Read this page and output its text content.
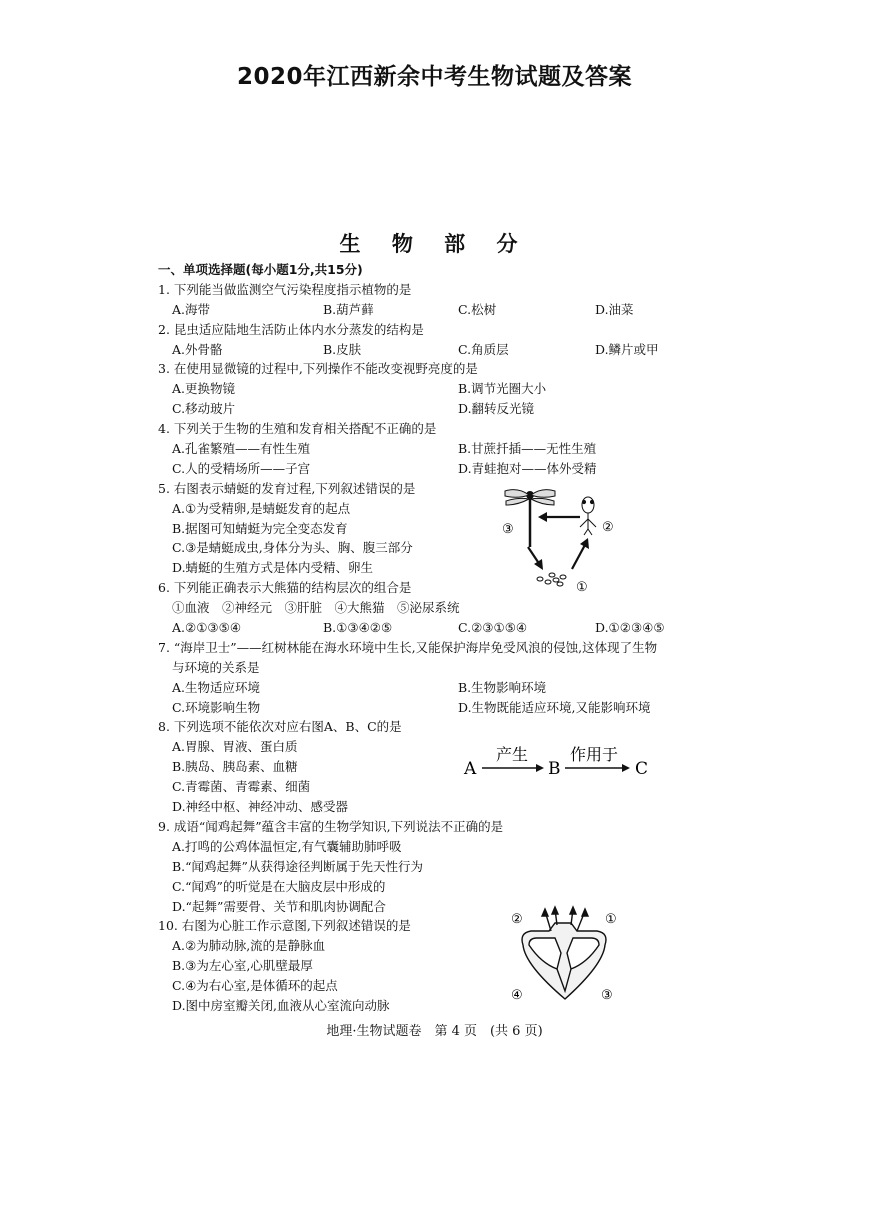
2020年江西新余中考生物试题及答案
生 物 部 分
一、单项选择题(每小题1分,共15分)
1. 下列能当做监测空气污染程度指示植物的是
A.海带	B.葫芦藓	C.松树	D.油菜
2. 昆虫适应陆地生活防止体内水分蒸发的结构是
A.外骨骼	B.皮肤	C.角质层	D.鳞片或甲
3. 在使用显微镜的过程中,下列操作不能改变视野亮度的是
A.更换物镜	B.调节光圈大小
C.移动玻片	D.翻转反光镜
4. 下列关于生物的生殖和发育相关搭配不正确的是
A.孔雀繁殖——有性生殖	B.甘蔗扦插——无性生殖
C.人的受精场所——子宫	D.青蛙抱对——体外受精
5. 右图表示蜻蜓的发育过程,下列叙述错误的是
A.①为受精卵,是蜻蜓发育的起点
B.据图可知蜻蜓为完全变态发育
C.③是蜻蜓成虫,身体分为头、胸、腹三部分
D.蜻蜓的生殖方式是体内受精、卵生
6. 下列能正确表示大熊猫的结构层次的组合是
①血液　②神经元　③肝脏　④大熊猫　⑤泌尿系统
A.②①③⑤④	B.①③④②⑤	C.②③①⑤④	D.①②③④⑤
7. “海岸卫士”——红树林能在海水环境中生长,又能保护海岸免受风浪的侵蚀,这体现了生物
与环境的关系是
A.生物适应环境	B.生物影响环境
C.环境影响生物	D.生物既能适应环境,又能影响环境
8. 下列选项不能依次对应右图A、B、C的是
A.胃腺、胃液、蛋白质
B.胰岛、胰岛素、血糖
C.青霉菌、青霉素、细菌
D.神经中枢、神经冲动、感受器
9. 成语“闻鸡起舞”蕴含丰富的生物学知识,下列说法不正确的是
A.打鸣的公鸡体温恒定,有气囊辅助肺呼吸
B.“闻鸡起舞”从获得途径判断属于先天性行为
C.“闻鸡”的听觉是在大脑皮层中形成的
D.“起舞”需要骨、关节和肌肉协调配合
10. 右图为心脏工作示意图,下列叙述错误的是
A.②为肺动脉,流的是静脉血
B.③为左心室,心肌壁最厚
C.④为右心室,是体循环的起点
D.图中房室瓣关闭,血液从心室流向动脉
③	②
①
A	B	C
产生	作用于
②	①
④	③
地理·生物试题卷　第 4 页　(共 6 页)
